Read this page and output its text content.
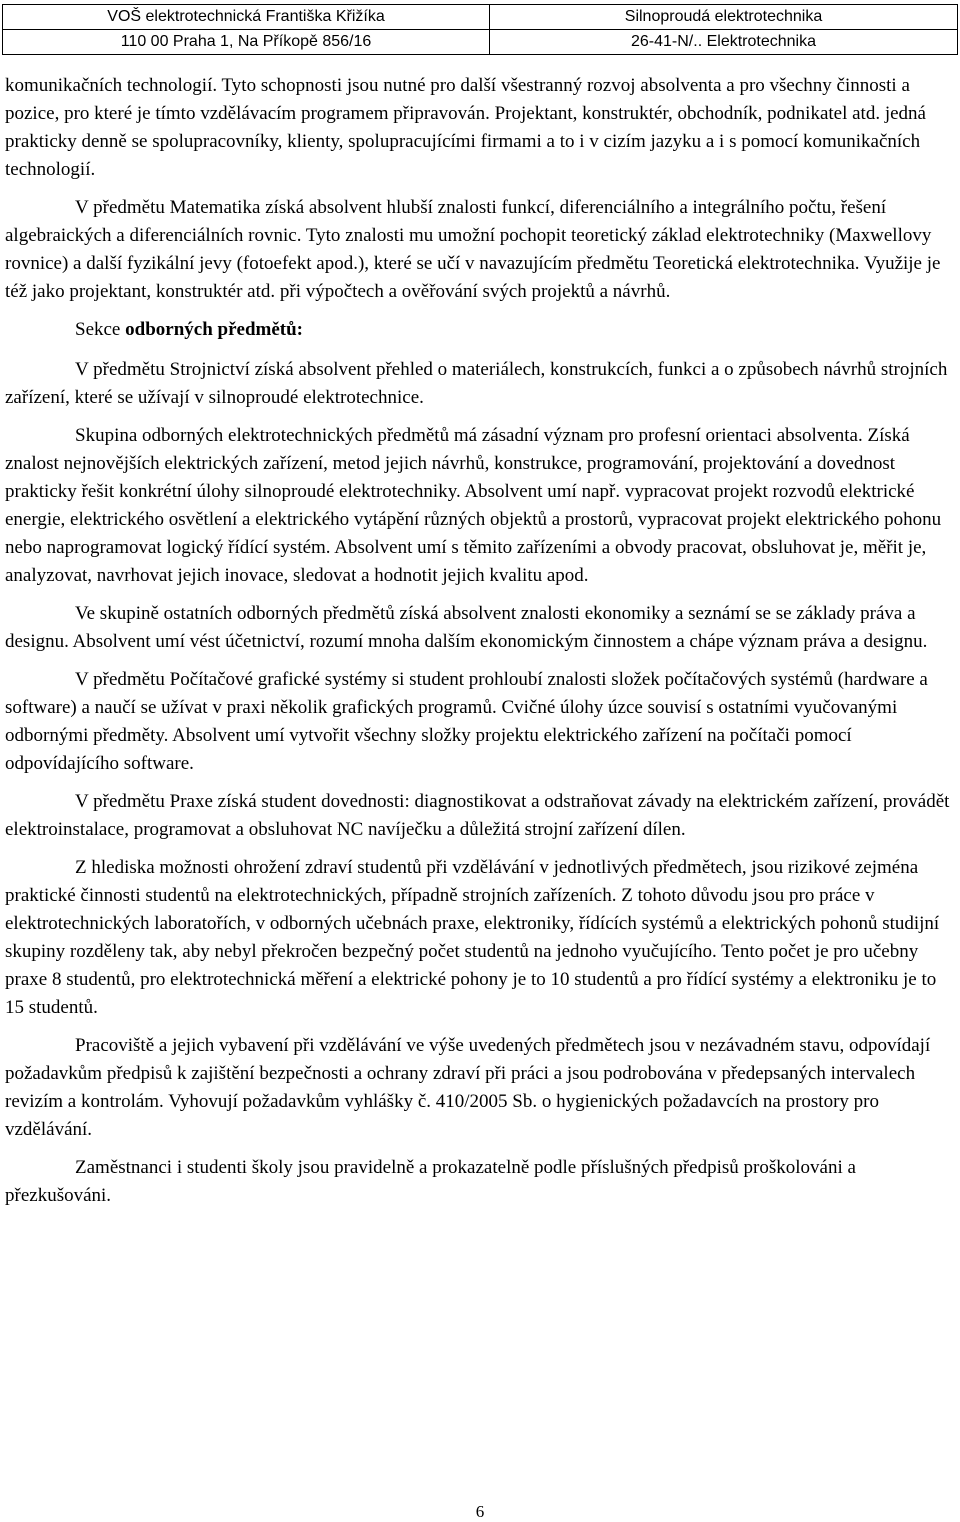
VOŠ elektrotechnická Františka Křižíka	Silnoproudá elektrotechnika
110 00 Praha 1, Na Příkopě 856/16	26-41-N/.. Elektrotechnika

komunikačních technologií. Tyto schopnosti jsou nutné pro další všestranný rozvoj absolventa a pro všechny činnosti a pozice, pro které je tímto vzdělávacím programem připravován. Projektant, konstruktér, obchodník, podnikatel atd. jedná prakticky denně se spolupracovníky, klienty, spolupracujícími firmami a to i v cizím jazyku a i s pomocí komunikačních technologií.

V předmětu Matematika získá absolvent hlubší znalosti funkcí, diferenciálního a integrálního počtu, řešení algebraických a diferenciálních rovnic. Tyto znalosti mu umožní pochopit teoretický základ elektrotechniky (Maxwellovy rovnice) a další fyzikální jevy (fotoefekt apod.), které se učí v navazujícím předmětu Teoretická elektrotechnika. Využije je též jako projektant, konstruktér atd. při výpočtech a ověřování svých projektů a návrhů.

Sekce odborných předmětů:

V předmětu Strojnictví získá absolvent přehled o materiálech, konstrukcích, funkci a o způsobech návrhů strojních zařízení, které se užívají v silnoproudé elektrotechnice.

Skupina odborných elektrotechnických předmětů má zásadní význam pro profesní orientaci absolventa. Získá znalost nejnovějších elektrických zařízení, metod jejich návrhů, konstrukce, programování, projektování a dovednost prakticky řešit konkrétní úlohy silnoproudé elektrotechniky. Absolvent umí např. vypracovat projekt rozvodů elektrické energie, elektrického osvětlení a elektrického vytápění různých objektů a prostorů, vypracovat projekt elektrického pohonu nebo naprogramovat logický řídící systém. Absolvent umí s těmito zařízeními a obvody pracovat, obsluhovat je, měřit je, analyzovat, navrhovat jejich inovace, sledovat a hodnotit jejich kvalitu apod.

Ve skupině ostatních odborných předmětů získá absolvent znalosti ekonomiky a seznámí se se základy práva a designu. Absolvent umí vést účetnictví, rozumí mnoha dalším ekonomickým činnostem a chápe význam práva a designu.

V předmětu Počítačové grafické systémy si student prohloubí znalosti složek počítačových systémů (hardware a software) a naučí se užívat v praxi několik grafických programů. Cvičné úlohy úzce souvisí s ostatními vyučovanými odbornými předměty. Absolvent umí vytvořit všechny složky projektu elektrického zařízení na počítači pomocí odpovídajícího software.

V předmětu Praxe získá student dovednosti: diagnostikovat a odstraňovat závady na elektrickém zařízení, provádět elektroinstalace, programovat a obsluhovat NC navíječku a důležitá strojní zařízení dílen.

Z hlediska možnosti ohrožení zdraví studentů při vzdělávání v jednotlivých předmětech, jsou rizikové zejména praktické činnosti studentů na elektrotechnických, případně strojních zařízeních. Z tohoto důvodu jsou pro práce v elektrotechnických laboratořích, v odborných učebnách praxe, elektroniky, řídících systémů a elektrických pohonů studijní skupiny rozděleny tak, aby nebyl překročen bezpečný počet studentů na jednoho vyučujícího. Tento počet je pro učebny praxe 8 studentů, pro elektrotechnická měření a elektrické pohony je to 10 studentů a pro řídící systémy a elektroniku je to 15 studentů.

Pracoviště a jejich vybavení při vzdělávání ve výše uvedených předmětech jsou v nezávadném stavu, odpovídají požadavkům předpisů k zajištění bezpečnosti a ochrany zdraví při práci a jsou podrobována v předepsaných intervalech revizím a kontrolám. Vyhovují požadavkům vyhlášky č. 410/2005 Sb. o hygienických požadavcích na prostory pro vzdělávání.

Zaměstnanci i studenti školy jsou pravidelně a prokazatelně podle příslušných předpisů proškolováni a přezkušováni.

6
